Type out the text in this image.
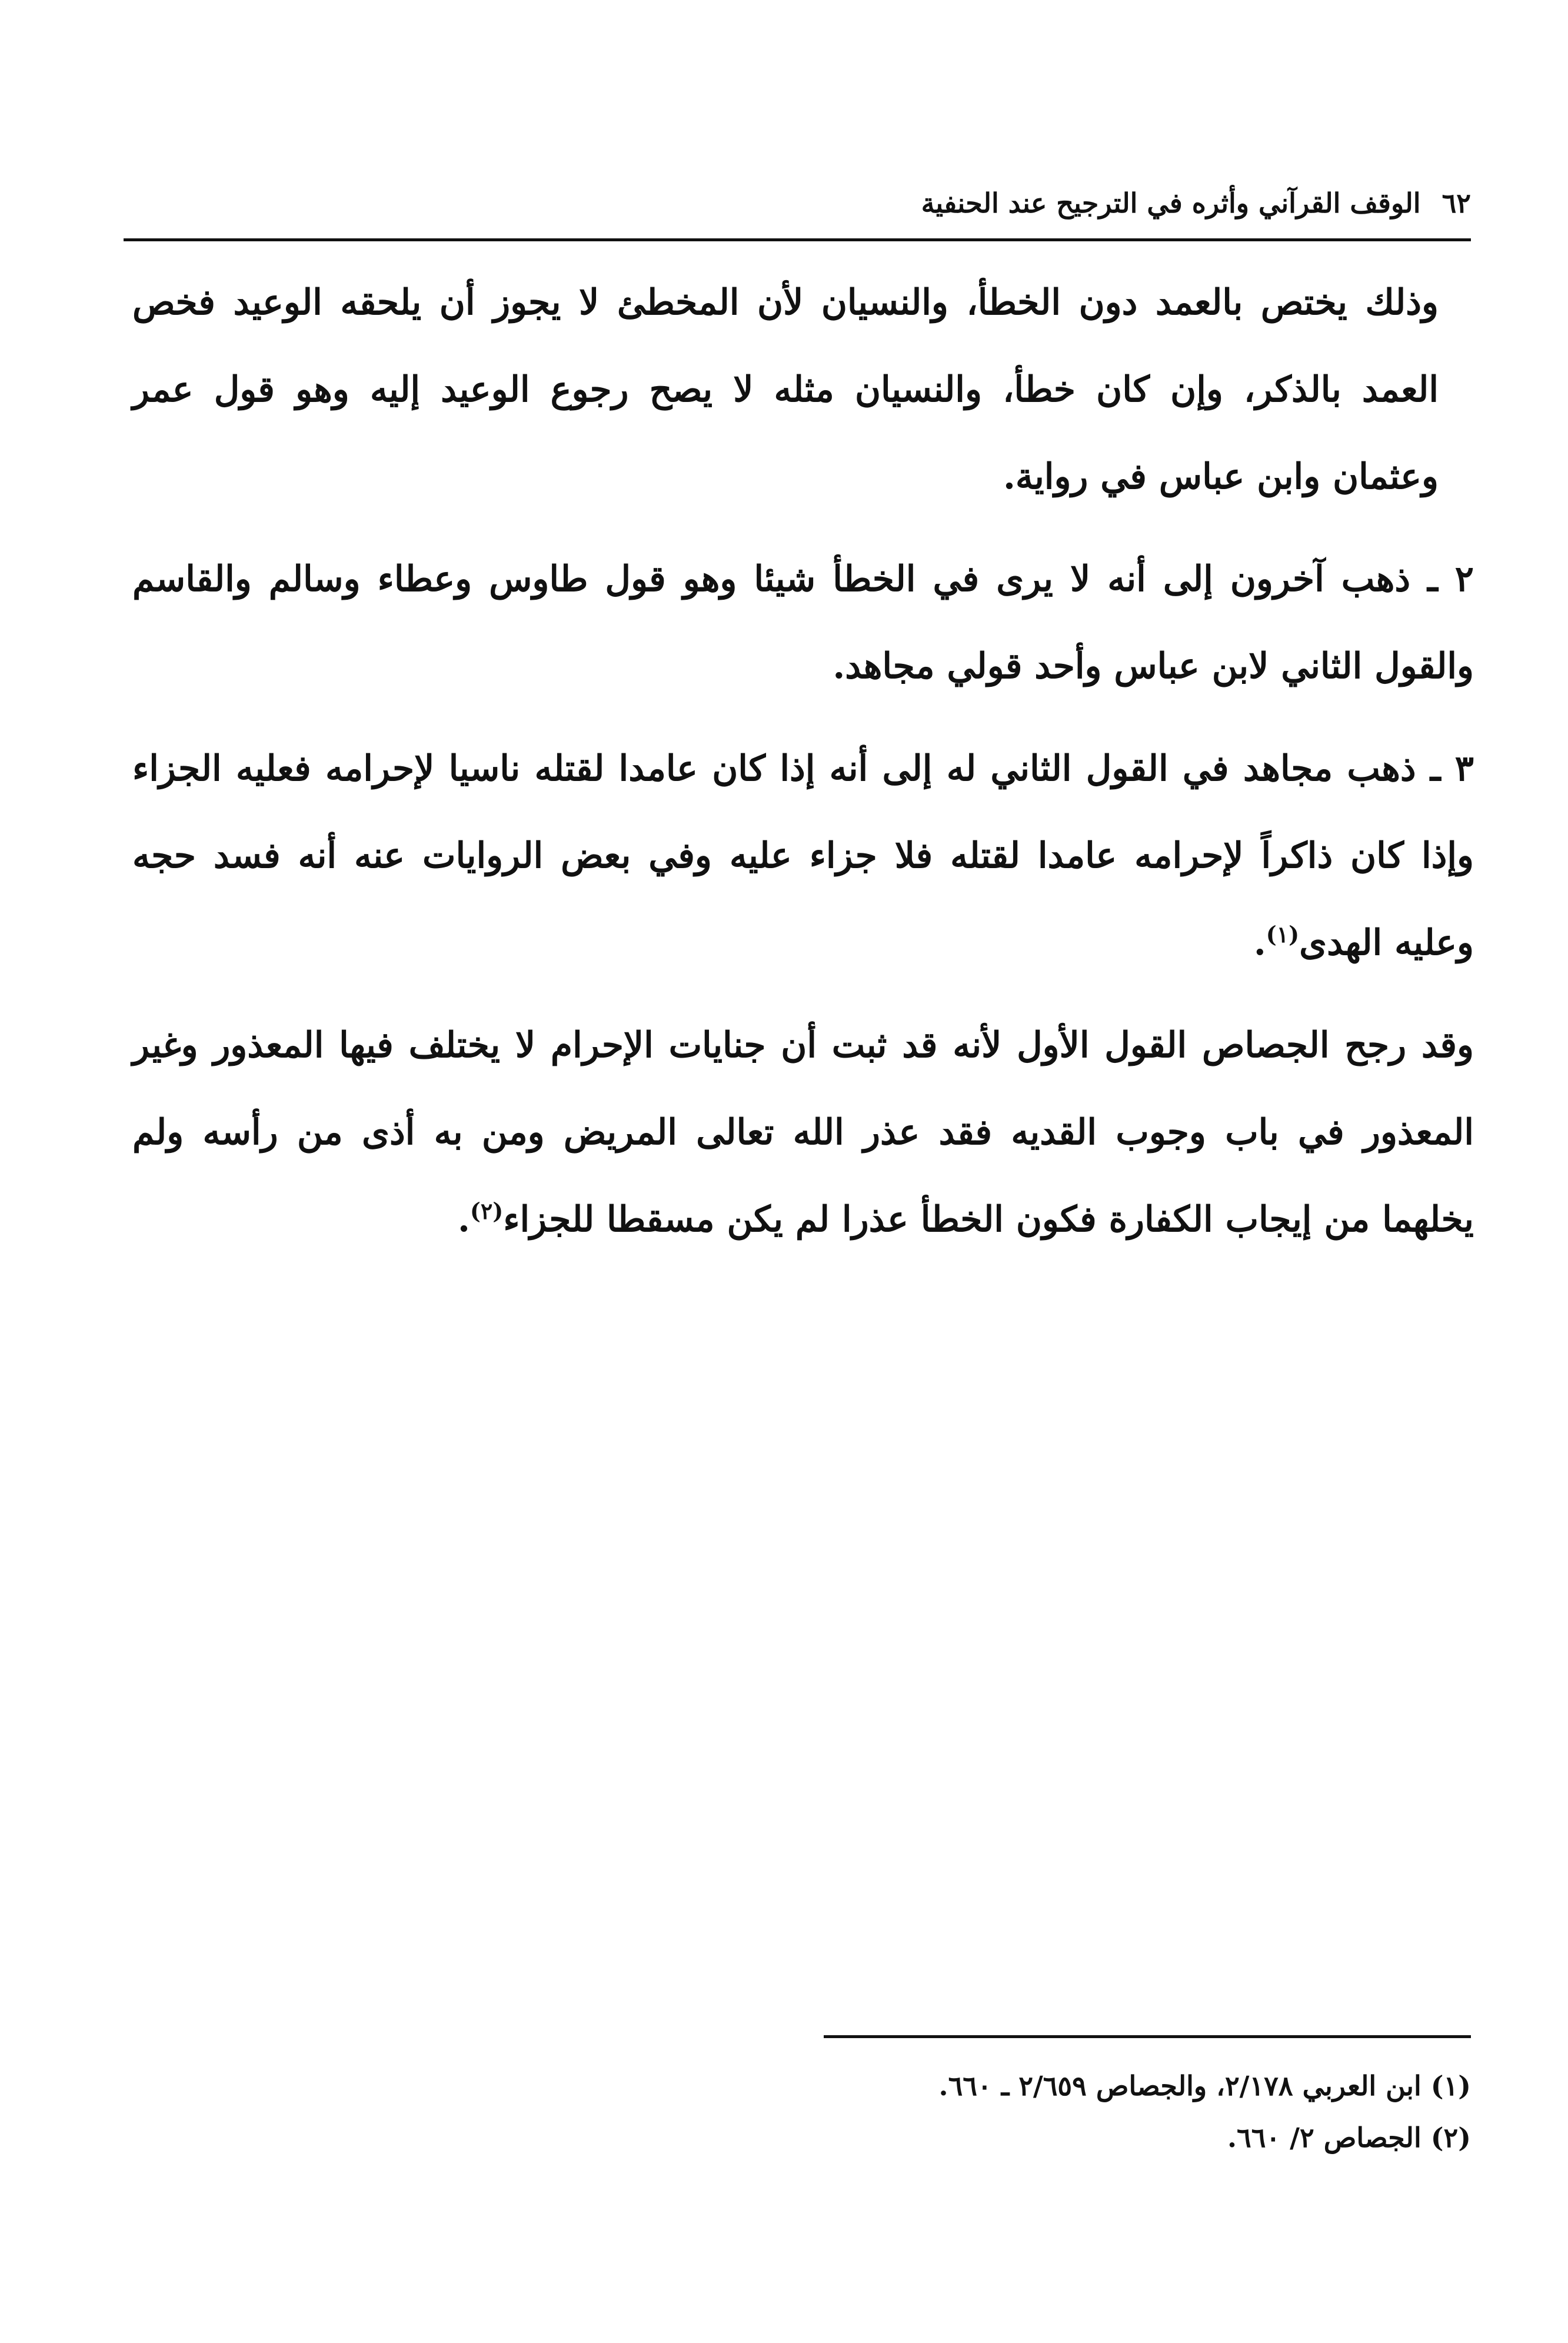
٦٢
الوقف القرآني وأثره في الترجيح عند الحنفية

وذلك يختص بالعمد دون الخطأ، والنسيان لأن المخطئ لا يجوز أن يلحقه الوعيد فخص العمد بالذكر، وإن كان خطأ، والنسيان مثله لا يصح رجوع الوعيد إليه وهو قول عمر وعثمان وابن عباس في رواية.

٢ ـ ذهب آخرون إلى أنه لا يرى في الخطأ شيئا وهو قول طاوس وعطاء وسالم والقاسم والقول الثاني لابن عباس وأحد قولي مجاهد.

٣ ـ ذهب مجاهد في القول الثاني له إلى أنه إذا كان عامدا لقتله ناسيا لإحرامه فعليه الجزاء وإذا كان ذاكراً لإحرامه عامدا لقتله فلا جزاء عليه وفي بعض الروايات عنه أنه فسد حجه وعليه الهدى$^{(١)}$.

وقد رجح الجصاص القول الأول لأنه قد ثبت أن جنايات الإحرام لا يختلف فيها المعذور وغير المعذور في باب وجوب القديه فقد عذر الله تعالى المريض ومن به أذى من رأسه ولم يخلهما من إيجاب الكفارة فكون الخطأ عذرا لم يكن مسقطا للجزاء$^{(٢)}$.

(١) ابن العربي ٢/١٧٨، والجصاص ٢/٦٥٩ ـ ٦٦٠.

(٢) الجصاص ٢/ ٦٦٠.
